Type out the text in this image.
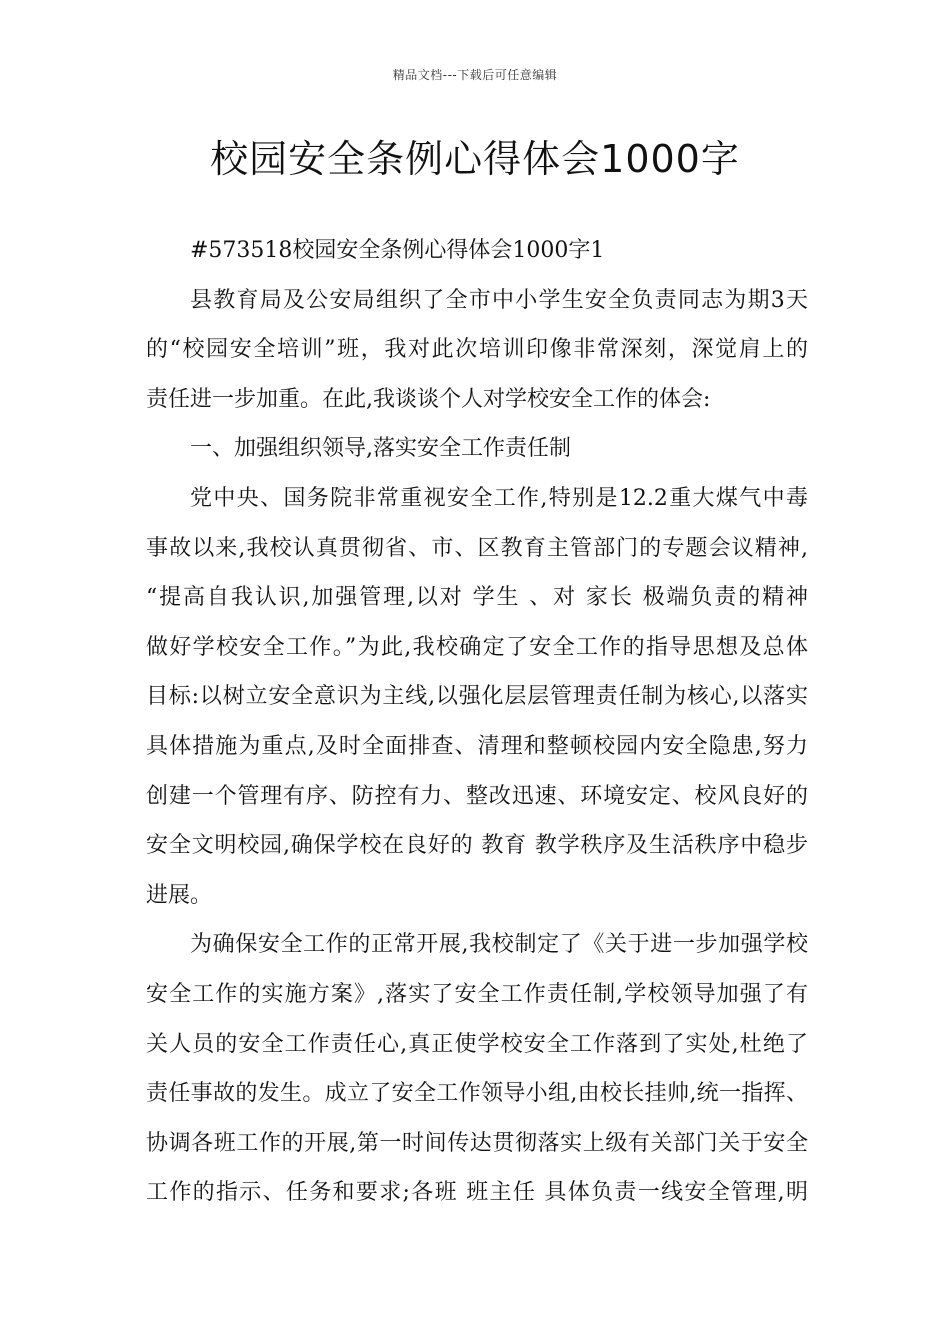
精品文档---下载后可任意编辑
校园安全条例心得体会1000字
#573518校园安全条例心得体会1000字1
县教育局及公安局组织了全市中小学生安全负责同志为期3天
的“校园安全培训”班，我对此次培训印像非常深刻，深觉肩上的
责任进一步加重。在此,我谈谈个人对学校安全工作的体会:
一、加强组织领导,落实安全工作责任制
党中央、国务院非常重视安全工作,特别是12.2重大煤气中毒
事故以来,我校认真贯彻省、市、区教育主管部门的专题会议精神,
“提高自我认识,加强管理,以对 学生 、对 家长 极端负责的精神
做好学校安全工作。”为此,我校确定了安全工作的指导思想及总体
目标:以树立安全意识为主线,以强化层层管理责任制为核心,以落实
具体措施为重点,及时全面排查、清理和整顿校园内安全隐患,努力
创建一个管理有序、防控有力、整改迅速、环境安定、校风良好的
安全文明校园,确保学校在良好的 教育 教学秩序及生活秩序中稳步
进展。
为确保安全工作的正常开展,我校制定了《关于进一步加强学校
安全工作的实施方案》,落实了安全工作责任制,学校领导加强了有
关人员的安全工作责任心,真正使学校安全工作落到了实处,杜绝了
责任事故的发生。成立了安全工作领导小组,由校长挂帅,统一指挥、
协调各班工作的开展,第一时间传达贯彻落实上级有关部门关于安全
工作的指示、任务和要求;各班 班主任 具体负责一线安全管理,明
